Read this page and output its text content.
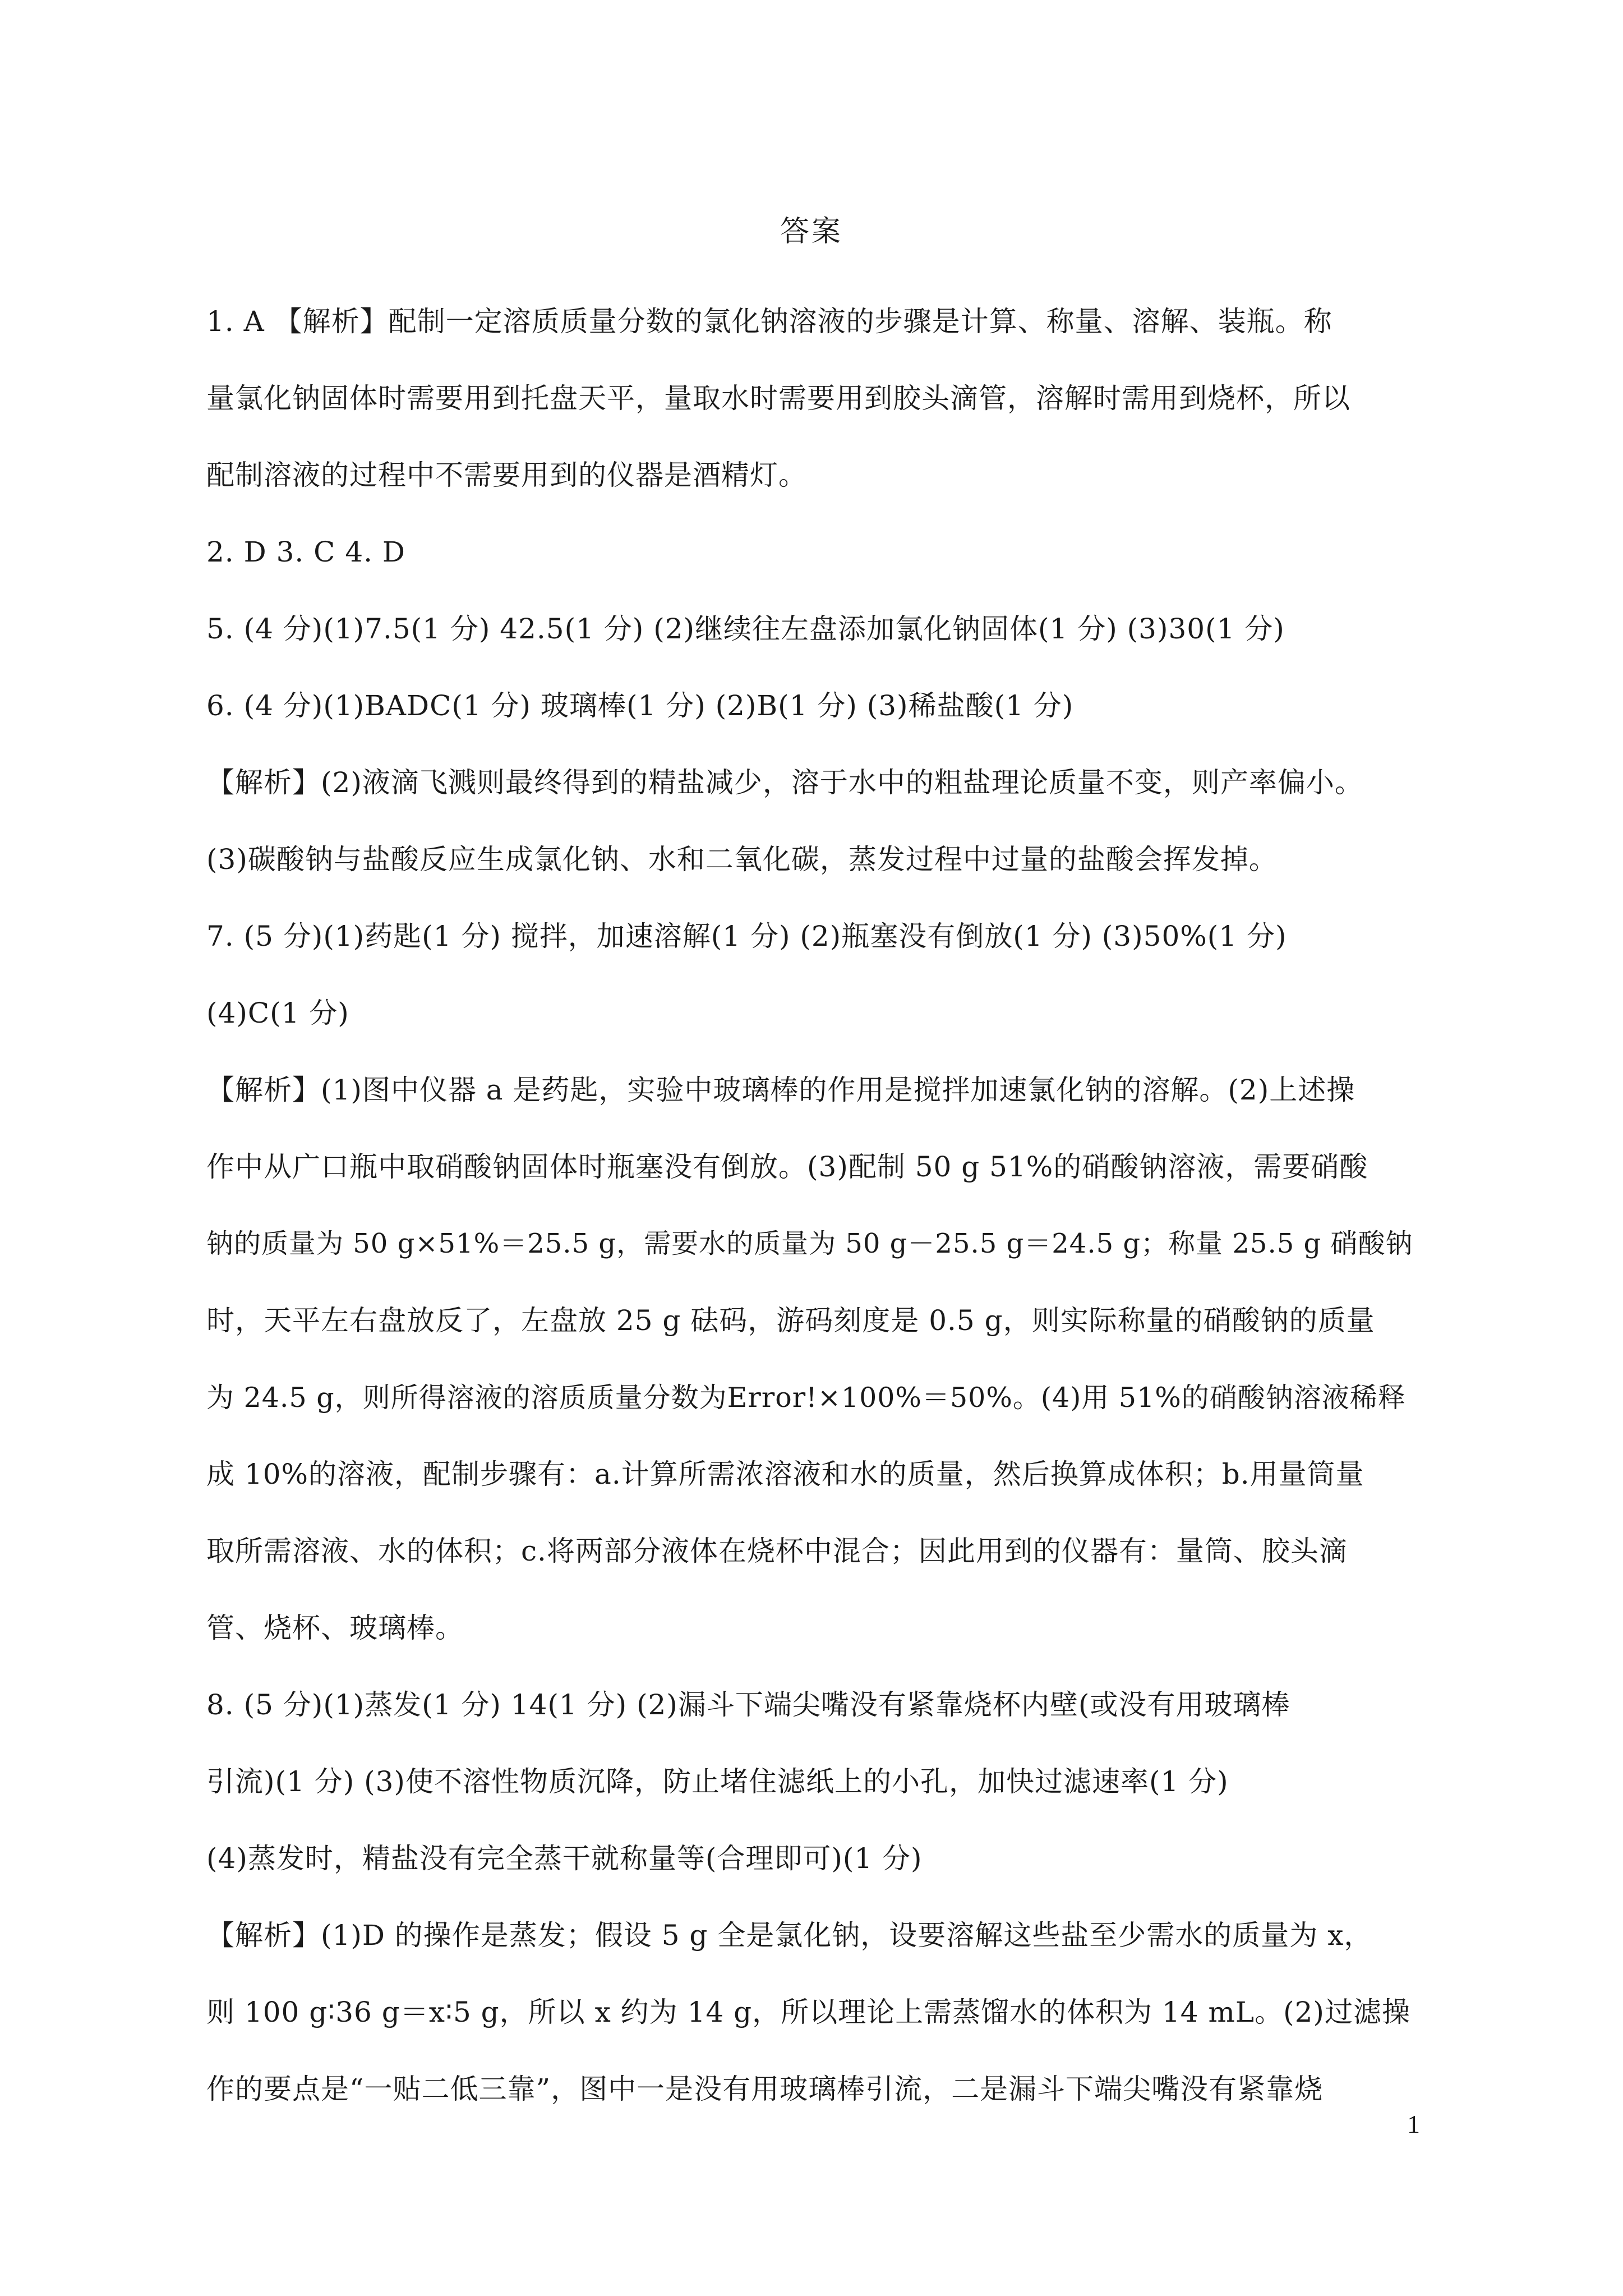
答案
1. A 【解析】配制一定溶质质量分数的氯化钠溶液的步骤是计算、称量、溶解、装瓶。称
量氯化钠固体时需要用到托盘天平，量取水时需要用到胶头滴管，溶解时需用到烧杯，所以
配制溶液的过程中不需要用到的仪器是酒精灯。
2. D 3. C 4. D
5. (4 分)(1)7.5(1 分) 42.5(1 分) (2)继续往左盘添加氯化钠固体(1 分) (3)30(1 分)
6. (4 分)(1)BADC(1 分) 玻璃棒(1 分) (2)B(1 分) (3)稀盐酸(1 分)
【解析】(2)液滴飞溅则最终得到的精盐减少，溶于水中的粗盐理论质量不变，则产率偏小。
(3)碳酸钠与盐酸反应生成氯化钠、水和二氧化碳，蒸发过程中过量的盐酸会挥发掉。
7. (5 分)(1)药匙(1 分) 搅拌，加速溶解(1 分) (2)瓶塞没有倒放(1 分) (3)50%(1 分)
(4)C(1 分)
【解析】(1)图中仪器 a 是药匙，实验中玻璃棒的作用是搅拌加速氯化钠的溶解。(2)上述操
作中从广口瓶中取硝酸钠固体时瓶塞没有倒放。(3)配制 50 g 51%的硝酸钠溶液，需要硝酸
钠的质量为 50 g×51%＝25.5 g，需要水的质量为 50 g－25.5 g＝24.5 g；称量 25.5 g 硝酸钠
时，天平左右盘放反了，左盘放 25 g 砝码，游码刻度是 0.5 g，则实际称量的硝酸钠的质量
为 24.5 g，则所得溶液的溶质质量分数为Error!×100%＝50%。(4)用 51%的硝酸钠溶液稀释
成 10%的溶液，配制步骤有：a.计算所需浓溶液和水的质量，然后换算成体积；b.用量筒量
取所需溶液、水的体积；c.将两部分液体在烧杯中混合；因此用到的仪器有：量筒、胶头滴
管、烧杯、玻璃棒。
8. (5 分)(1)蒸发(1 分) 14(1 分) (2)漏斗下端尖嘴没有紧靠烧杯内壁(或没有用玻璃棒
引流)(1 分) (3)使不溶性物质沉降，防止堵住滤纸上的小孔，加快过滤速率(1 分)
(4)蒸发时，精盐没有完全蒸干就称量等(合理即可)(1 分)
【解析】(1)D 的操作是蒸发；假设 5 g 全是氯化钠，设要溶解这些盐至少需水的质量为 x，
则 100 g∶36 g＝x∶5 g，所以 x 约为 14 g，所以理论上需蒸馏水的体积为 14 mL。(2)过滤操
作的要点是“一贴二低三靠”，图中一是没有用玻璃棒引流，二是漏斗下端尖嘴没有紧靠烧
1
